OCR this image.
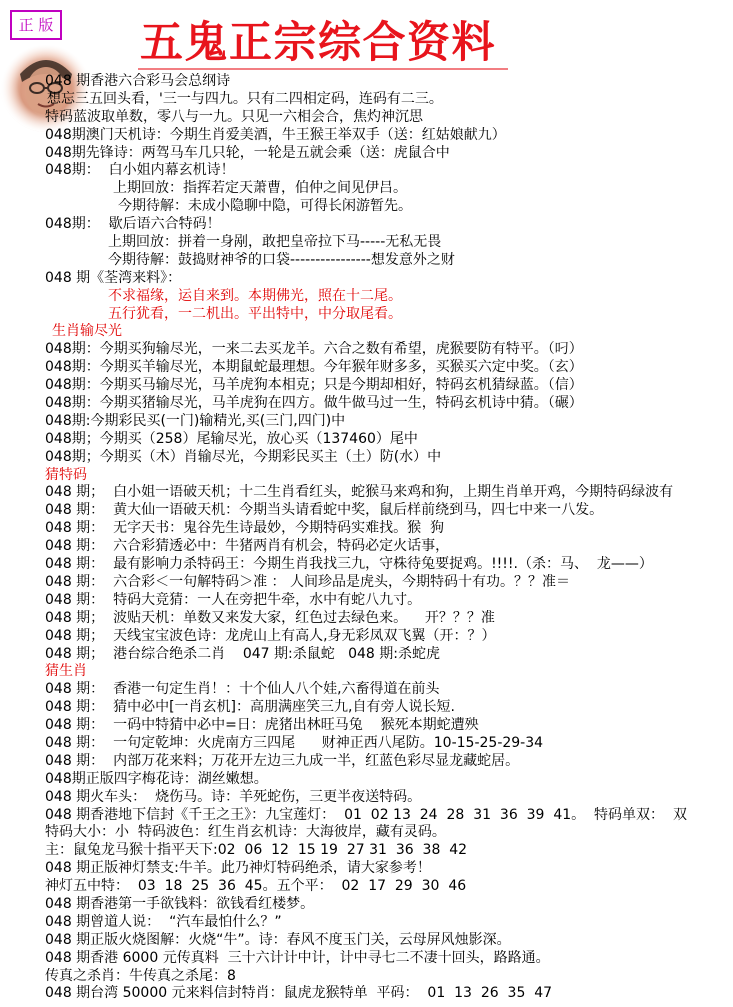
正 版 五鬼正宗综合资料
048 期香港六合彩马会总纲诗
想忘三五回头看，'三一与四九。只有二四相定码，连码有二三。
特码蓝波取单数，零八与一九。只见一六相会合，焦灼神沉思
048期澳门天机诗：今期生肖爱美酒，牛王猴王举双手（送：红姑娘献九）
048期先锋诗：两驾马车几只轮，一轮是五就会乘（送：虎鼠合中
048期：  白小姐内幕玄机诗！
上期回放：指挥若定天萧曹，伯仲之间见伊吕。
今期待解：未成小隐聊中隐，可得长闲游暂先。
048期：  歇后语六合特码！
上期回放：拼着一身剐，敢把皇帝拉下马-----无私无畏
今期待解：鼓捣财神爷的口袋----------------想发意外之财
048 期《荃湾来料》：
不求福缘，运自来到。本期佛光，照在十二尾。
五行犹看，一二机出。平出特中，中分取尾看。
生肖输尽光
048期：今期买狗输尽光，一来二去买龙羊。六合之数有希望，虎猴要防有特平。（叼）
048期：今期买羊输尽光，本期鼠蛇最理想。今年猴年财多多，买猴买六定中奖。（玄）
048期：今期买马输尽光，马羊虎狗本相克；只是今期却相好，特码玄机猜绿蓝。（信）
048期：今期买猪输尽光，马羊虎狗在四方。做牛做马过一生，特码玄机诗中猜。（碾）
048期:今期彩民买(一门)输精光,买(三门,四门)中
048期；今期买（258）尾输尽光，放心买（137460）尾中
048期；今期买（木）肖输尽光，今期彩民买主（土）防(水）中
猜特码
048 期；  白小姐一语破天机；十二生肖看红头，蛇猴马来鸡和狗，上期生肖单开鸡，今期特码绿波有
048 期：  黄大仙一语破天机：今期当头请看蛇中奖，鼠后样前绕到马，四七中来一八发。
048 期：  无字天书：鬼谷先生诗最妙，今期特码实难找。猴  狗
048 期：  六合彩猜透必中：牛猪两肖有机会，特码必定火话事，
048 期：  最有影响力杀特码王：今期生肖我找三九，守株待兔要捉鸡。!!!!.（杀：马、  龙——）
048 期：  六合彩＜一句解特码＞准 ： 人间珍品是虎头，今期特码十有功。？？准＝
048 期：  特码大竞猜：一人在旁把牛牵，水中有蛇八九寸。
048 期；  波贴天机：单数又来发大家，红色过去绿色来。    开？？？准
048 期；  天线宝宝波色诗：龙虎山上有高人,身无彩凤双飞翼（开：？）
048 期；  港台综合绝杀二肖    047 期:杀鼠蛇   048 期:杀蛇虎
猜生肖
048 期：  香港一句定生肖！：十个仙人八个娃,六畜得道在前头
048 期：  猜中必中[一肖玄机]：高朋满座笑三九,自有旁人说长短.
048 期：  一码中特猜中必中=日：虎猪出林旺马兔    猴死本期蛇遭殃
048 期：  一句定乾坤：火虎南方三四尾      财神正西八尾防。10-15-25-29-34
048 期：  内部万花来料；万花开左边三九成一半，红蓝色彩尽显龙藏蛇居。
048期正版四字梅花诗：湖丝嫩想。
048 期火车头：  烧伤马。诗：羊死蛇伤，三更半夜送特码。
048 期香港地下信封《千王之王》：九宝莲灯：  01  02 13  24  28  31  36  39  41。  特码单双：  双
特码大小：小  特码波色：红生肖玄机诗：大海彼岸，藏有灵码。
主：鼠兔龙马猴十指平天下:02  06  12  15 19  27 31  36  38  42
048 期正版神灯禁支:牛羊。此乃神灯特码绝杀，请大家参考！
神灯五中特：  03  18  25  36  45。五个平：  02  17  29  30  46
048 期香港第一手欲钱料：欲钱看红楼梦。
048 期曾道人说：  “汽车最怕什么？”
048 期正版火烧图解：火烧“牛”。诗：春风不度玉门关，云母屏风烛影深。
048 期香港 6000 元传真料  三十六计计中计，计中寻七二不凄十回头，路路通。
传真之杀肖：牛传真之杀尾：8
048 期台湾 50000 元来料信封特肖：鼠虎龙猴特单  平码：  01  13  26  35  47
